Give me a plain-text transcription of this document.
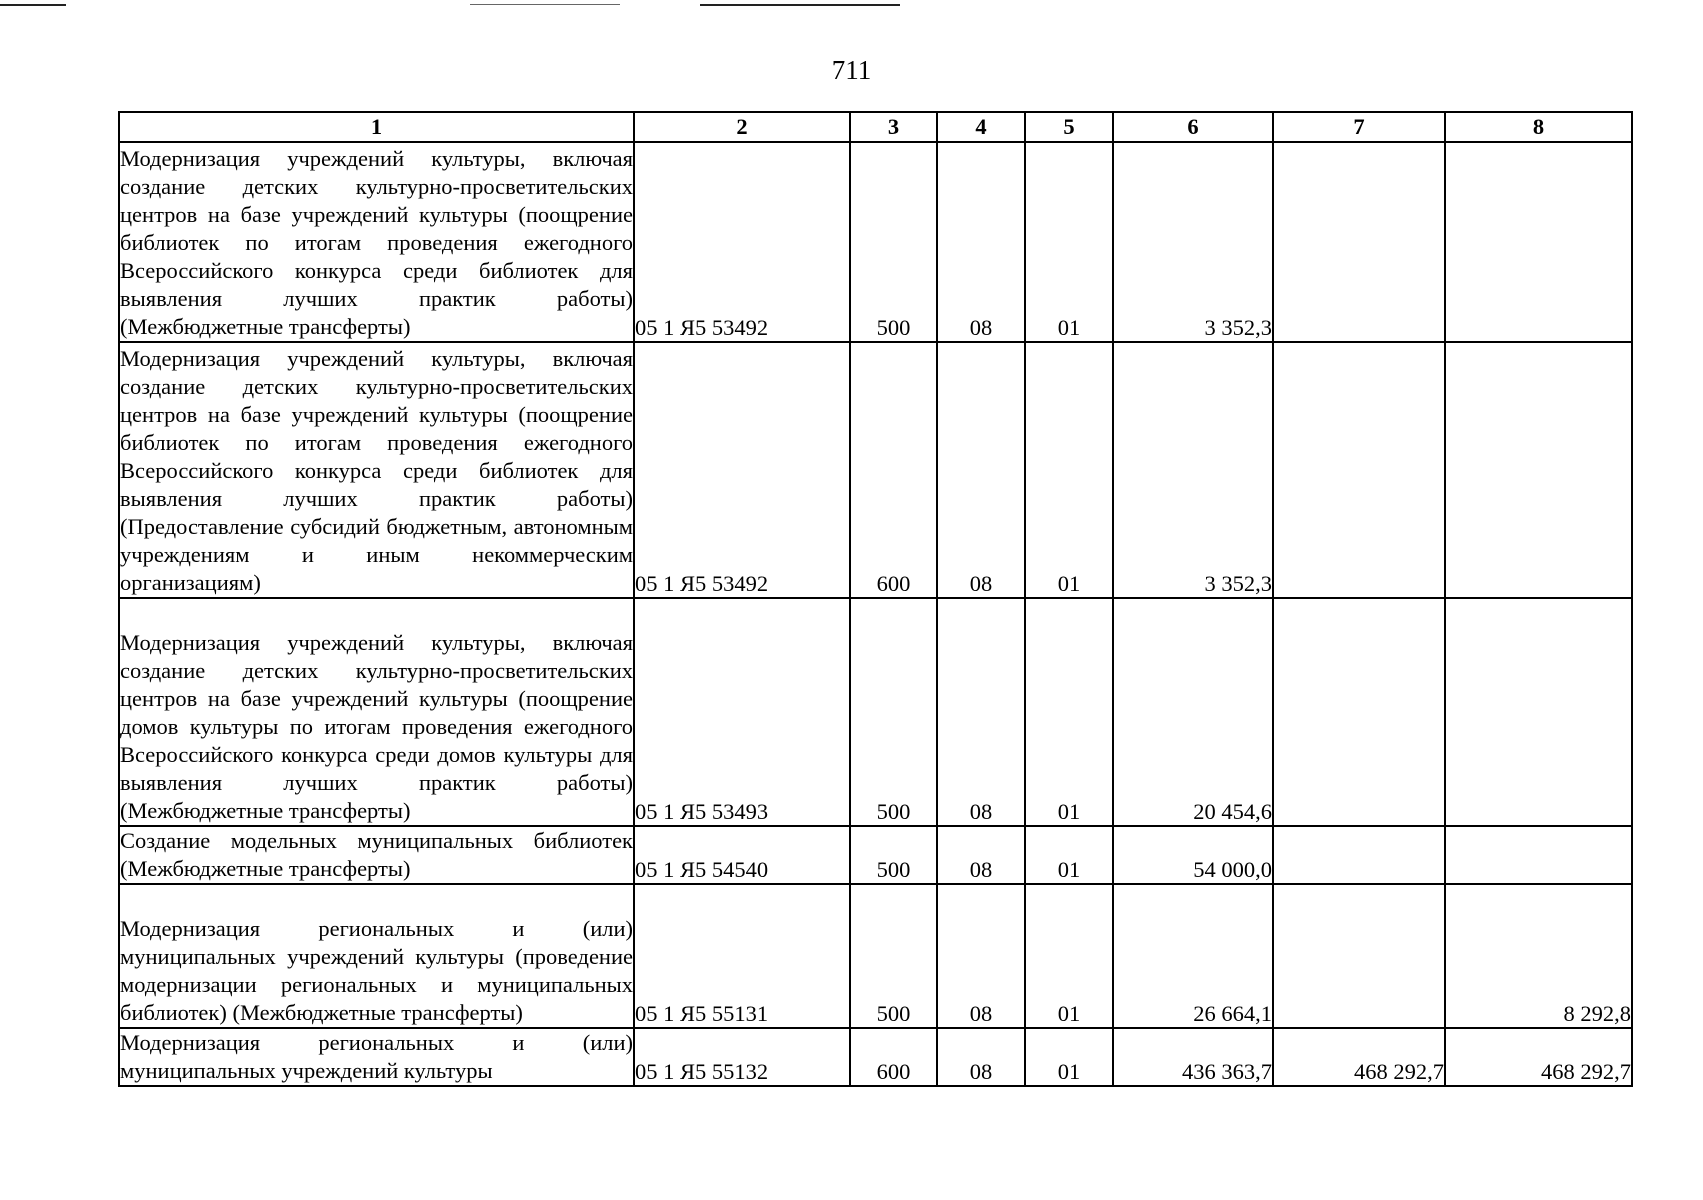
711
1	2	3	4	5	6	7	8

Модернизация учреждений культуры, включая создание детских культурно-просветительских центров на базе учреждений культуры (поощрение библиотек по итогам проведения ежегодного Всероссийского конкурса среди библиотек для выявления лучших практик работы) (Межбюджетные трансферты)	05 1 Я5 53492	500	08	01	3 352,3		

Модернизация учреждений культуры, включая создание детских культурно-просветительских центров на базе учреждений культуры (поощрение библиотек по итогам проведения ежегодного Всероссийского конкурса среди библиотек для выявления лучших практик работы) (Предоставление субсидий бюджетным, автономным учреждениям и иным некоммерческим организациям)	05 1 Я5 53492	600	08	01	3 352,3		

Модернизация учреждений культуры, включая создание детских культурно-просветительских центров на базе учреждений культуры (поощрение домов культуры по итогам проведения ежегодного Всероссийского конкурса среди домов культуры для выявления лучших практик работы) (Межбюджетные трансферты)	05 1 Я5 53493	500	08	01	20 454,6		

Создание модельных муниципальных библиотек (Межбюджетные трансферты)	05 1 Я5 54540	500	08	01	54 000,0		

Модернизация региональных и (или) муниципальных учреждений культуры (проведение модернизации региональных и муниципальных библиотек) (Межбюджетные трансферты)	05 1 Я5 55131	500	08	01	26 664,1		8 292,8

Модернизация региональных и (или) муниципальных учреждений культуры	05 1 Я5 55132	600	08	01	436 363,7	468 292,7	468 292,7
